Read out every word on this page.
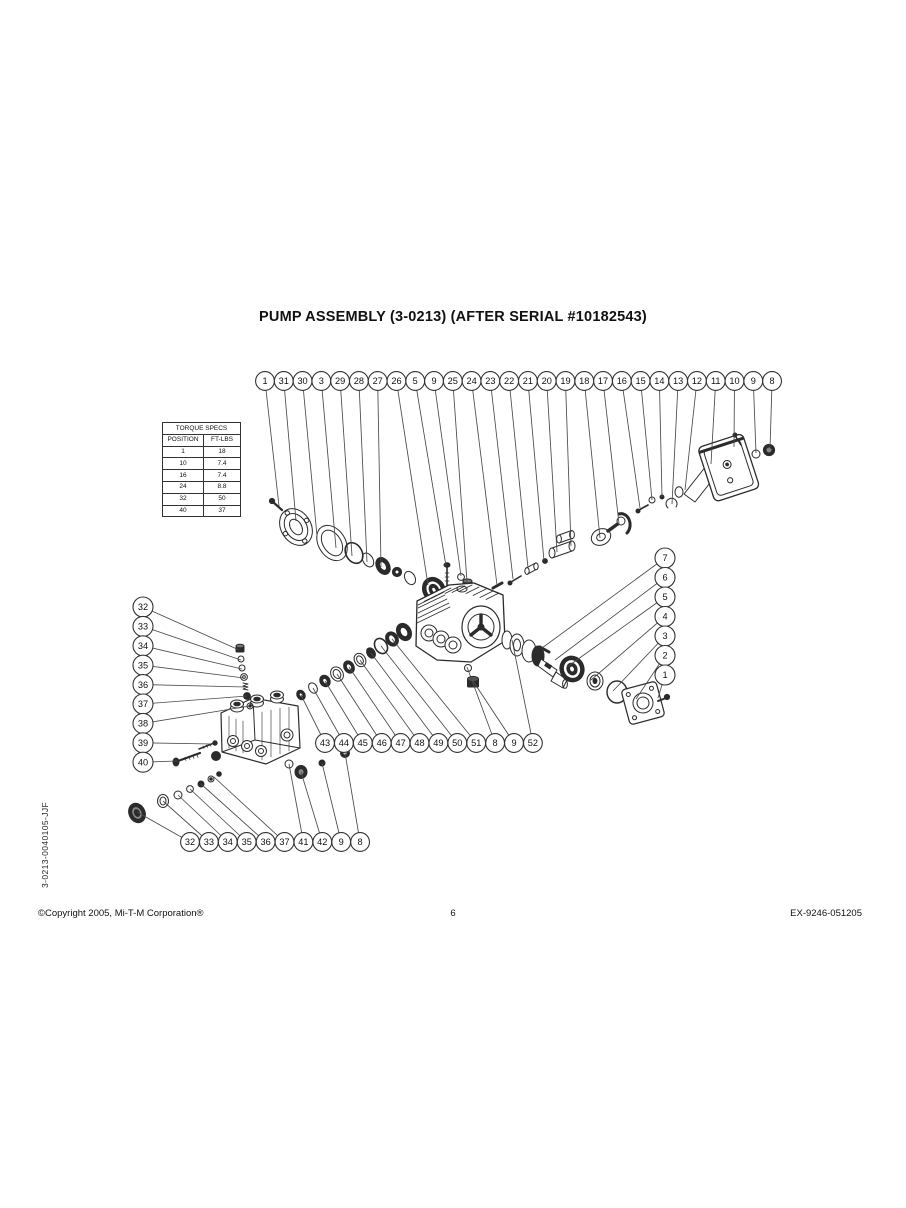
PUMP ASSEMBLY (3-0213) (AFTER SERIAL #10182543)
TORQUE SPECS	
POSITION	FT-LBS
1	18
10	7.4
16	7.4
24	8.8
32	50
40	37
1 31 30 3 29 28 27 26 5 9 25 24 23 22 21 20 19 18 17 16 15 14 13 12 11 10 9 8
32
33
34
35
36
37
38
39
40
7
6
5
4
3
2
1
43 44 45 46 47 48 49 50 51 8 9 52
32 33 34 35 36 37 41 42 9 8
3-0213-0040105-JJF
©Copyright 2005, Mi-T-M Corporation®	6	EX-9246-051205
